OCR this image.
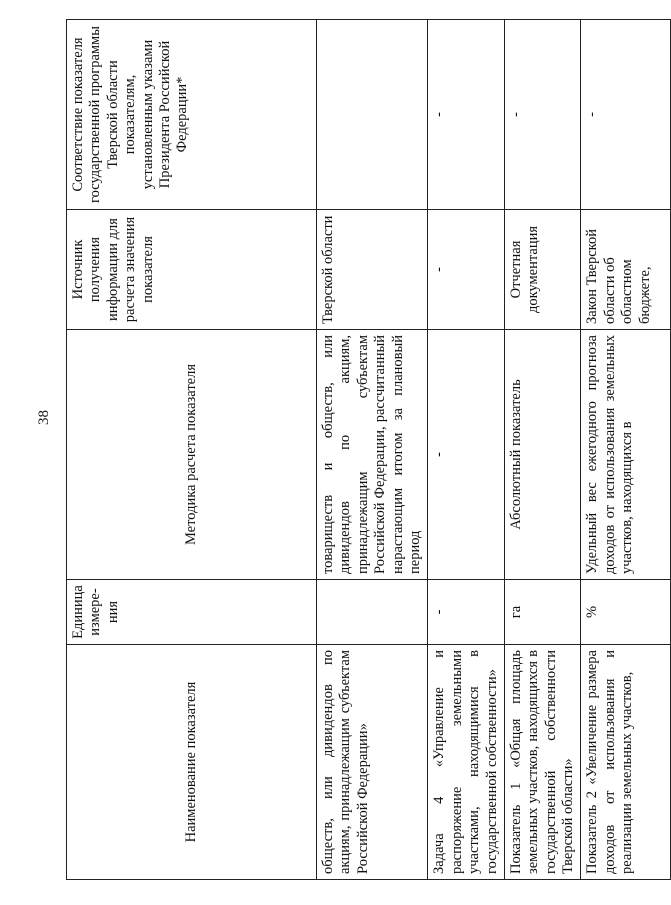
38
Наименование показателя	Единица измере-ния	Методика расчета показателя	Источник получения информации для расчета значения показателя	Соответствие показателя государственной программы Тверской области показателям, установленным указами Президента Российской Федерации*
обществ, или дивидендов по акциям, принадлежащим субъектам Российской Федерации»		товариществ и обществ, или дивидендов по акциям, принадлежащим субъектам Российской Федерации, рассчитанный нарастающим итогом за плановый период	Тверской области	
Задача 4 «Управление и распоряжение земельными участками, находящимися в государственной собственности»	-	-	-	-
Показатель 1 «Общая площадь земельных участков, находящихся в государственной собственности Тверской области»	га	Абсолютный показатель	Отчетная документация	-
Показатель 2 «Увеличение размера доходов от использования и реализации земельных участков,	%	Удельный вес ежегодного прогноза доходов от использования земельных участков, находящихся в	Закон Тверской области об областном бюджете,	-
